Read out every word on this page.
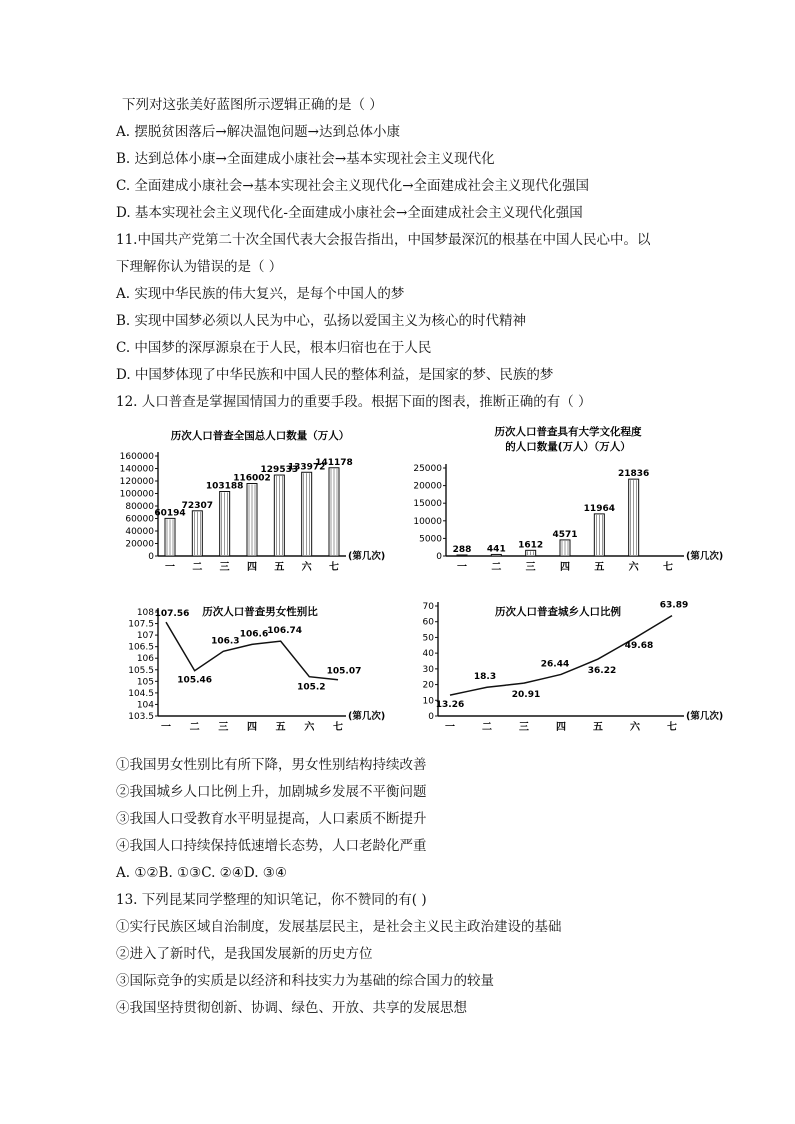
下列对这张美好蓝图所示逻辑正确的是（ ）
A. 摆脱贫困落后→解决温饱问题→达到总体小康
B. 达到总体小康→全面建成小康社会→基本实现社会主义现代化
C. 全面建成小康社会→基本实现社会主义现代化→全面建成社会主义现代化强国
D. 基本实现社会主义现代化-全面建成小康社会→全面建成社会主义现代化强国
11.中国共产党第二十次全国代表大会报告指出，中国梦最深沉的根基在中国人民心中。以
下理解你认为错误的是（ ）
A. 实现中华民族的伟大复兴，是每个中国人的梦
B. 实现中国梦必须以人民为中心，弘扬以爱国主义为核心的时代精神
C. 中国梦的深厚源泉在于人民，根本归宿也在于人民
D. 中国梦体现了中华民族和中国人民的整体利益，是国家的梦、民族的梦
12. 人口普查是掌握国情国力的重要手段。根据下面的图表，推断正确的有（ ）
历次人口普查全国总人口数量（万人）
0
20000
40000
60000
80000
100000
120000
140000
160000
(第几次)
一 二 三 四 五 六 七
60194
72307
103188
116002
129533
133972
141178
历次人口普查具有大学文化程度
的人口数量(万人）（万人）
0
5000
10000
15000
20000
25000
(第几次)
一 二 三 四 五 六 七
288 441 1612
4571
11964
21836
历次人口普查男女性别比
103.5
104
104.5
105
105.5
106
106.5
107
107.5
108
(第几次)
一 二 三 四 五 六 七
107.56
105.46
106.3
106.6 106.74
105.2
105.07
历次人口普查城乡人口比例
0
10
20
30
40
50
60
70
(第几次)
一	二	三	四	五	六	七
13.26
18.3
20.91
26.44
36.22
49.68
63.89
①我国男女性别比有所下降，男女性别结构持续改善
②我国城乡人口比例上升，加剧城乡发展不平衡问题
③我国人口受教育水平明显提高，人口素质不断提升
④我国人口持续保持低速增长态势，人口老龄化严重
A. ①②B. ①③C. ②④D. ③④
13. 下列昆某同学整理的知识笔记，你不赞同的有( )
①实行民族区域自治制度，发展基层民主，是社会主义民主政治建设的基础
②进入了新时代，是我国发展新的历史方位
③国际竞争的实质是以经济和科技实力为基础的综合国力的较量
④我国坚持贯彻创新、协调、绿色、开放、共享的发展思想
